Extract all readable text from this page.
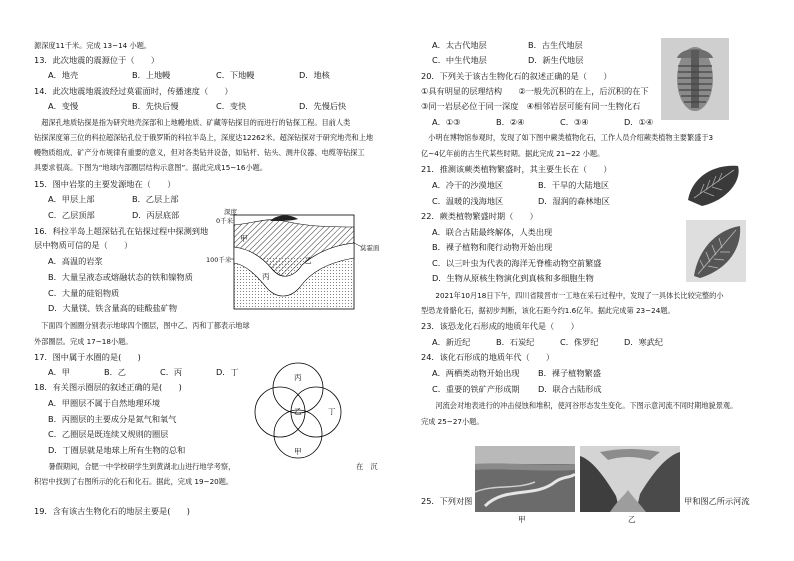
源深度11千米。完成 13~14 小题。
13．此次地震的震源位于（　　）
A．地壳	B．上地幔	C．下地幔	D．地核
14．此次地震地震波经过莫霍面时，传播速度（　　）
A．变慢	B．先快后慢	C．变快	D．先慢后快
　超深孔地质钻探是指为研究地壳深部和上地幔地质、矿藏等钻探目的而进行的钻探工程。目前人类
钻探深度第三位的科拉超深钻孔位于俄罗斯的科拉半岛上，深度达12262米。超深钻探对于研究地壳和上地
幔物质组成、矿产分布规律有重要的意义，但对各类钻井设备，如钻杆、钻头、测井仪器、电缆等钻探工
具要求很高。下图为“地球内部圈层结构示意图”。据此完成15~16小题。
15．图中岩浆的主要发源地在（　　）
A．甲层上部	B．乙层上部
C．乙层顶部	D．丙层底部
16．科拉半岛上超深钻孔在钻探过程中探测到地
层中物质可信的是（　　）
A．高温的岩浆
B．大量呈液态或熔融状态的铁和镍物质
C．大量的硅铝物质
D．大量镁、铁含量高的硅酸盐矿物
深度
0千米
100千米
莫霍面
甲
乙
丙
　下面四个圆圈分别表示地球四个圈层，图中乙、丙和丁都表示地球
外部圈层。完成 17~18小题。
17．图中属于水圈的是(　　)
A．甲	B．乙	C．丙	D．丁
18．有关图示圈层的叙述正确的是(　　)
A．甲圈层不属于自然地理环境
B．丙圈层的主要成分是氮气和氧气
C．乙圈层是既连续又规则的圈层
D．丁圈层就是地球上所有生物的总和
丙
乙	丁
甲
　　暑假期间，合肥一中学校研学生到黄湖北山进行地学考察，	在　沉
积岩中找到了右图所示的化石和化石。据此，完成 19~20题。
19．含有该古生物化石的地层主要是(　　)
A．太古代地层	B．古生代地层
C．中生代地层	D．新生代地层
20．下列关于该古生物化石的叙述正确的是（　　）
①具有明显的层理结构　　②一般先沉积的在上，后沉积的在下
③同一岩层必位于同一深度　④相邻岩层可能有同一生物化石
A．①③	B．②④	C．③④	D．①④
　小明在博物馆参观时，发现了如下图中蕨类植物化石，工作人员介绍蕨类植物主要繁盛于3
亿~4亿年前的古生代某些时期。据此完成 21~22 小题。
21．推测该蕨类植物繁盛时，其主要生长在（　　）
A．冷干的沙漠地区	B．干旱的大陆地区
C．温暖的浅海地区	D．湿润的森林地区
22．蕨类植物繁盛时期（　　）
A．联合古陆最终解体，人类出现
B．裸子植物和爬行动物开始出现
C．以三叶虫为代表的海洋无脊椎动物空前繁盛
D．生物从原核生物演化到真核和多细胞生物
　　2021年10月18日下午，四川省陵晋市一工地在采石过程中，发现了一具体长比较完整的小
型恐龙骨骼化石，据初步判断，该化石距今约1.6亿年。据此完成第 23~24题。
23．该恐龙化石形成的地质年代是（　　）
A．新近纪	B．石炭纪	C．侏罗纪	D．寒武纪
24．该化石形成的地质年代（　　）
A．两栖类动物开始出现 B．裸子植物繁盛
C．重要的铁矿产形成期 D．联合古陆形成
　　河流会对地表进行的冲击侵蚀和堆积，使河谷形态发生变化。下图示意河流不同时期地貌景观。
完成 25~27小题。
甲	乙
25．下列对图	甲和图乙所示河流
